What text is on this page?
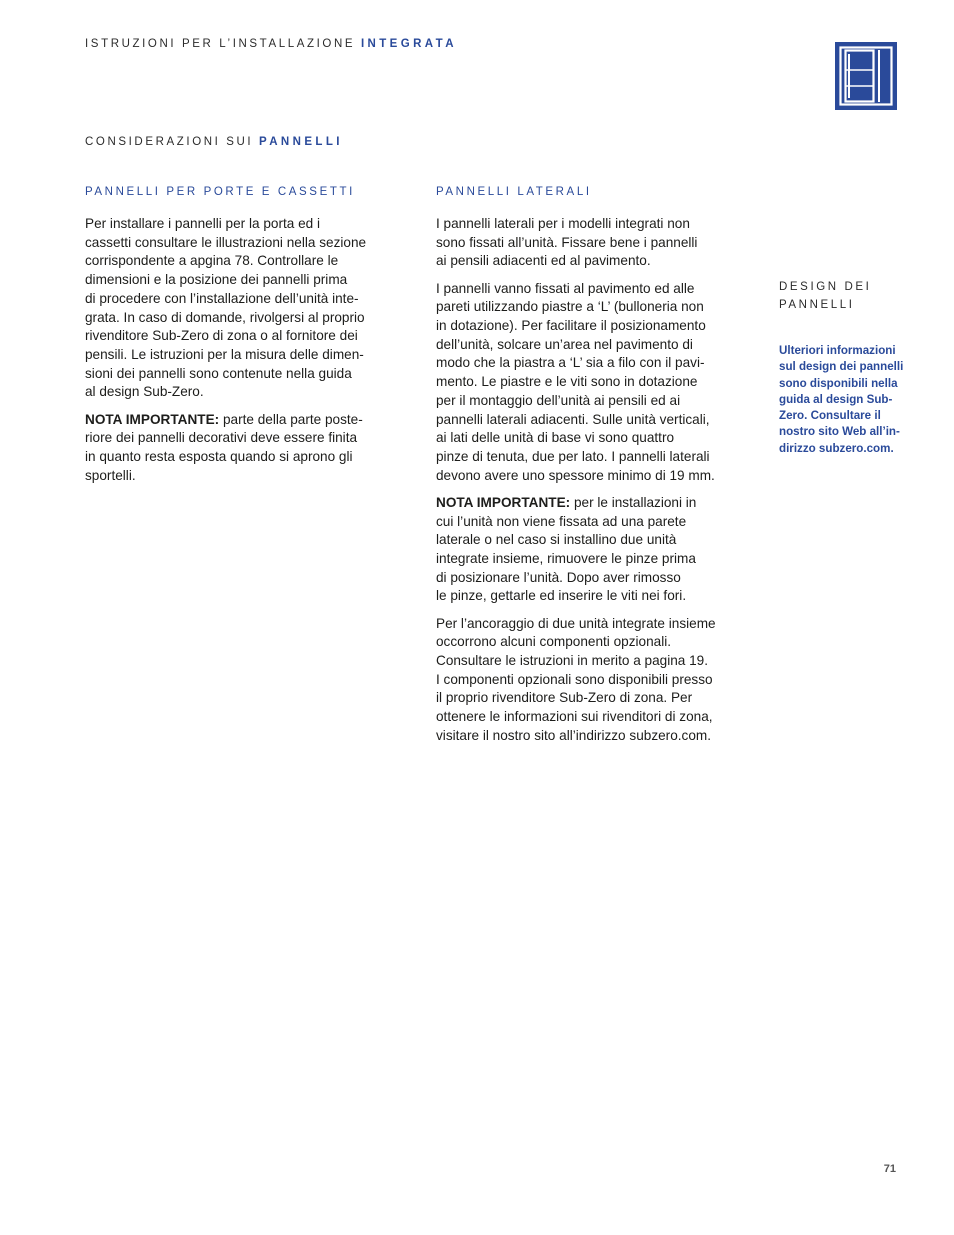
ISTRUZIONI PER L’INSTALLAZIONE INTEGRATA
CONSIDERAZIONI SUI PANNELLI
PANNELLI PER PORTE E CASSETTI

Per installare i pannelli per la porta ed i
cassetti consultare le illustrazioni nella sezione
corrispondente a apgina 78. Controllare le
dimensioni e la posizione dei pannelli prima
di procedere con l’installazione dell’unità inte-
grata. In caso di domande, rivolgersi al proprio
rivenditore Sub-Zero di zona o al fornitore dei
pensili. Le istruzioni per la misura delle dimen-
sioni dei pannelli sono contenute nella guida
al design Sub-Zero.

NOTA IMPORTANTE: parte della parte poste-
riore dei pannelli decorativi deve essere finita
in quanto resta esposta quando si aprono gli
sportelli.

PANNELLI LATERALI

I pannelli laterali per i modelli integrati non
sono fissati all’unità. Fissare bene i pannelli
ai pensili adiacenti ed al pavimento.

I pannelli vanno fissati al pavimento ed alle
pareti utilizzando piastre a ‘L’ (bulloneria non
in dotazione). Per facilitare il posizionamento
dell’unità, solcare un’area nel pavimento di
modo che la piastra a ‘L’ sia a filo con il pavi-
mento. Le piastre e le viti sono in dotazione
per il montaggio dell’unità ai pensili ed ai
pannelli laterali adiacenti. Sulle unità verticali,
ai lati delle unità di base vi sono quattro
pinze di tenuta, due per lato. I pannelli laterali
devono avere uno spessore minimo di 19 mm.

NOTA IMPORTANTE: per le installazioni in
cui l’unità non viene fissata ad una parete
laterale o nel caso si installino due unità
integrate insieme, rimuovere le pinze prima
di posizionare l’unità. Dopo aver rimosso
le pinze, gettarle ed inserire le viti nei fori.

Per l’ancoraggio di due unità integrate insieme
occorrono alcuni componenti opzionali.
Consultare le istruzioni in merito a pagina 19.
I componenti opzionali sono disponibili presso
il proprio rivenditore Sub-Zero di zona. Per
ottenere le informazioni sui rivenditori di zona,
visitare il nostro sito all’indirizzo subzero.com.

DESIGN DEI
PANNELLI
Ulteriori informazioni
sul design dei pannelli
sono disponibili nella
guida al design Sub-
Zero. Consultare il
nostro sito Web all’in-
dirizzo subzero.com.
71
